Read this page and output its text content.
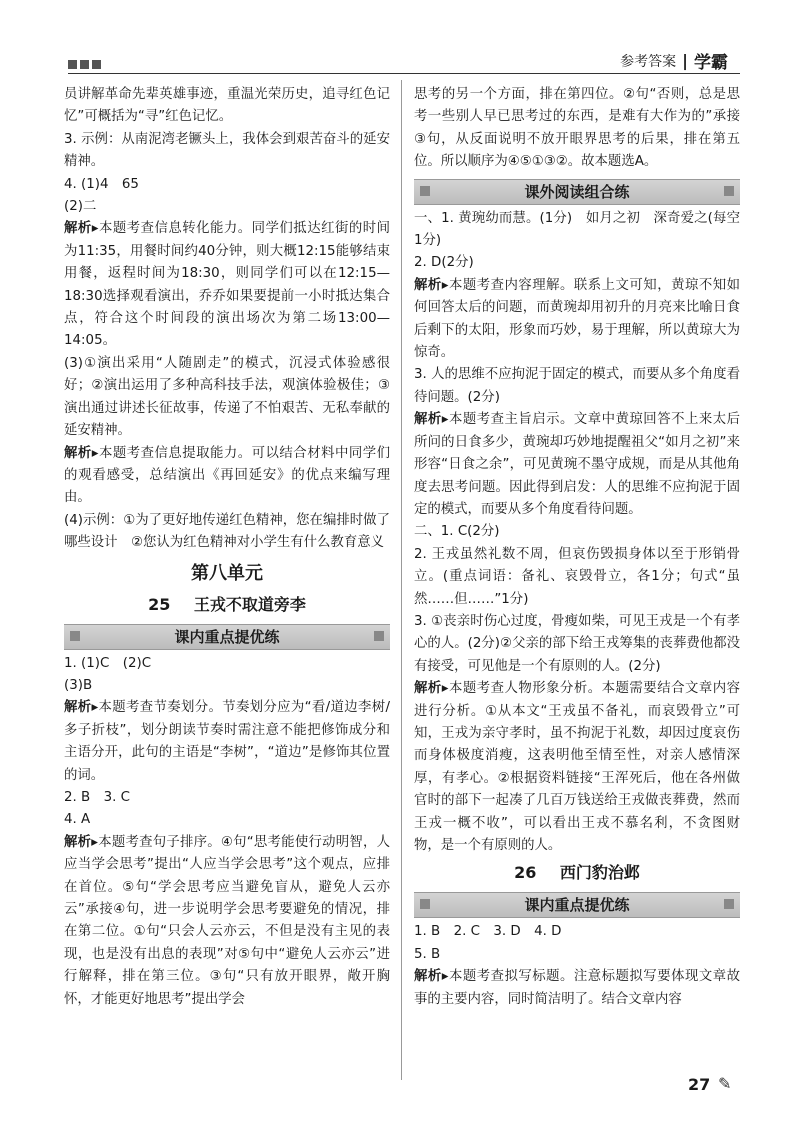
参考答案 | 学霸

员讲解革命先辈英雄事迹，重温光荣历史，追寻红色记忆”可概括为“寻”红色记忆。

3. 示例：从南泥湾老镢头上，我体会到艰苦奋斗的延安精神。

4. (1)4　65

(2)二

解析▸本题考查信息转化能力。同学们抵达红街的时间为11:35，用餐时间约40分钟，则大概12:15能够结束用餐，返程时间为18:30，则同学们可以在12:15—18:30选择观看演出，乔乔如果要提前一小时抵达集合点，符合这个时间段的演出场次为第二场13:00—14:05。

(3)①演出采用“人随剧走”的模式，沉浸式体验感很好；②演出运用了多种高科技手法，观演体验极佳；③演出通过讲述长征故事，传递了不怕艰苦、无私奉献的延安精神。

解析▸本题考查信息提取能力。可以结合材料中同学们的观看感受，总结演出《再回延安》的优点来编写理由。

(4)示例：①为了更好地传递红色精神，您在编排时做了哪些设计　②您认为红色精神对小学生有什么教育意义

第八单元
25 王戎不取道旁李
课内重点提优练

1. (1)C　(2)C

(3)B

解析▸本题考查节奏划分。节奏划分应为“看/道边李树/多子折枝”，划分朗读节奏时需注意不能把修饰成分和主语分开，此句的主语是“李树”，“道边”是修饰其位置的词。

2. B　3. C

4. A

解析▸本题考查句子排序。④句“思考能使行动明智，人应当学会思考”提出“人应当学会思考”这个观点，应排在首位。⑤句“学会思考应当避免盲从，避免人云亦云”承接④句，进一步说明学会思考要避免的情况，排在第二位。①句“只会人云亦云，不但是没有主见的表现，也是没有出息的表现”对⑤句中“避免人云亦云”进行解释，排在第三位。③句“只有放开眼界，敞开胸怀，才能更好地思考”提出学会

思考的另一个方面，排在第四位。②句“否则，总是思考一些别人早已思考过的东西，是难有大作为的”承接③句，从反面说明不放开眼界思考的后果，排在第五位。所以顺序为④⑤①③②。故本题选A。

课外阅读组合练

一、1. 黄琬幼而慧。(1分)　如月之初　深奇爱之(每空1分)

2. D(2分)

解析▸本题考查内容理解。联系上文可知，黄琼不知如何回答太后的问题，而黄琬却用初升的月亮来比喻日食后剩下的太阳，形象而巧妙，易于理解，所以黄琼大为惊奇。

3. 人的思维不应拘泥于固定的模式，而要从多个角度看待问题。(2分)

解析▸本题考查主旨启示。文章中黄琼回答不上来太后所问的日食多少，黄琬却巧妙地提醒祖父“如月之初”来形容“日食之余”，可见黄琬不墨守成规，而是从其他角度去思考问题。因此得到启发：人的思维不应拘泥于固定的模式，而要从多个角度看待问题。

二、1. C(2分)

2. 王戎虽然礼数不周，但哀伤毁损身体以至于形销骨立。(重点词语：备礼、哀毁骨立，各1分；句式“虽然……但……”1分)

3. ①丧亲时伤心过度，骨瘦如柴，可见王戎是一个有孝心的人。(2分)②父亲的部下给王戎筹集的丧葬费他都没有接受，可见他是一个有原则的人。(2分)

解析▸本题考查人物形象分析。本题需要结合文章内容进行分析。①从本文“王戎虽不备礼，而哀毁骨立”可知，王戎为亲守孝时，虽不拘泥于礼数，却因过度哀伤而身体极度消瘦，这表明他至情至性，对亲人感情深厚，有孝心。②根据资料链接“王浑死后，他在各州做官时的部下一起凑了几百万钱送给王戎做丧葬费，然而王戎一概不收”，可以看出王戎不慕名利，不贪图财物，是一个有原则的人。

26 西门豹治邺
课内重点提优练

1. B　2. C　3. D　4. D

5. B

解析▸本题考查拟写标题。注意标题拟写要体现文章故事的主要内容，同时简洁明了。结合文章内容

27 ✎
